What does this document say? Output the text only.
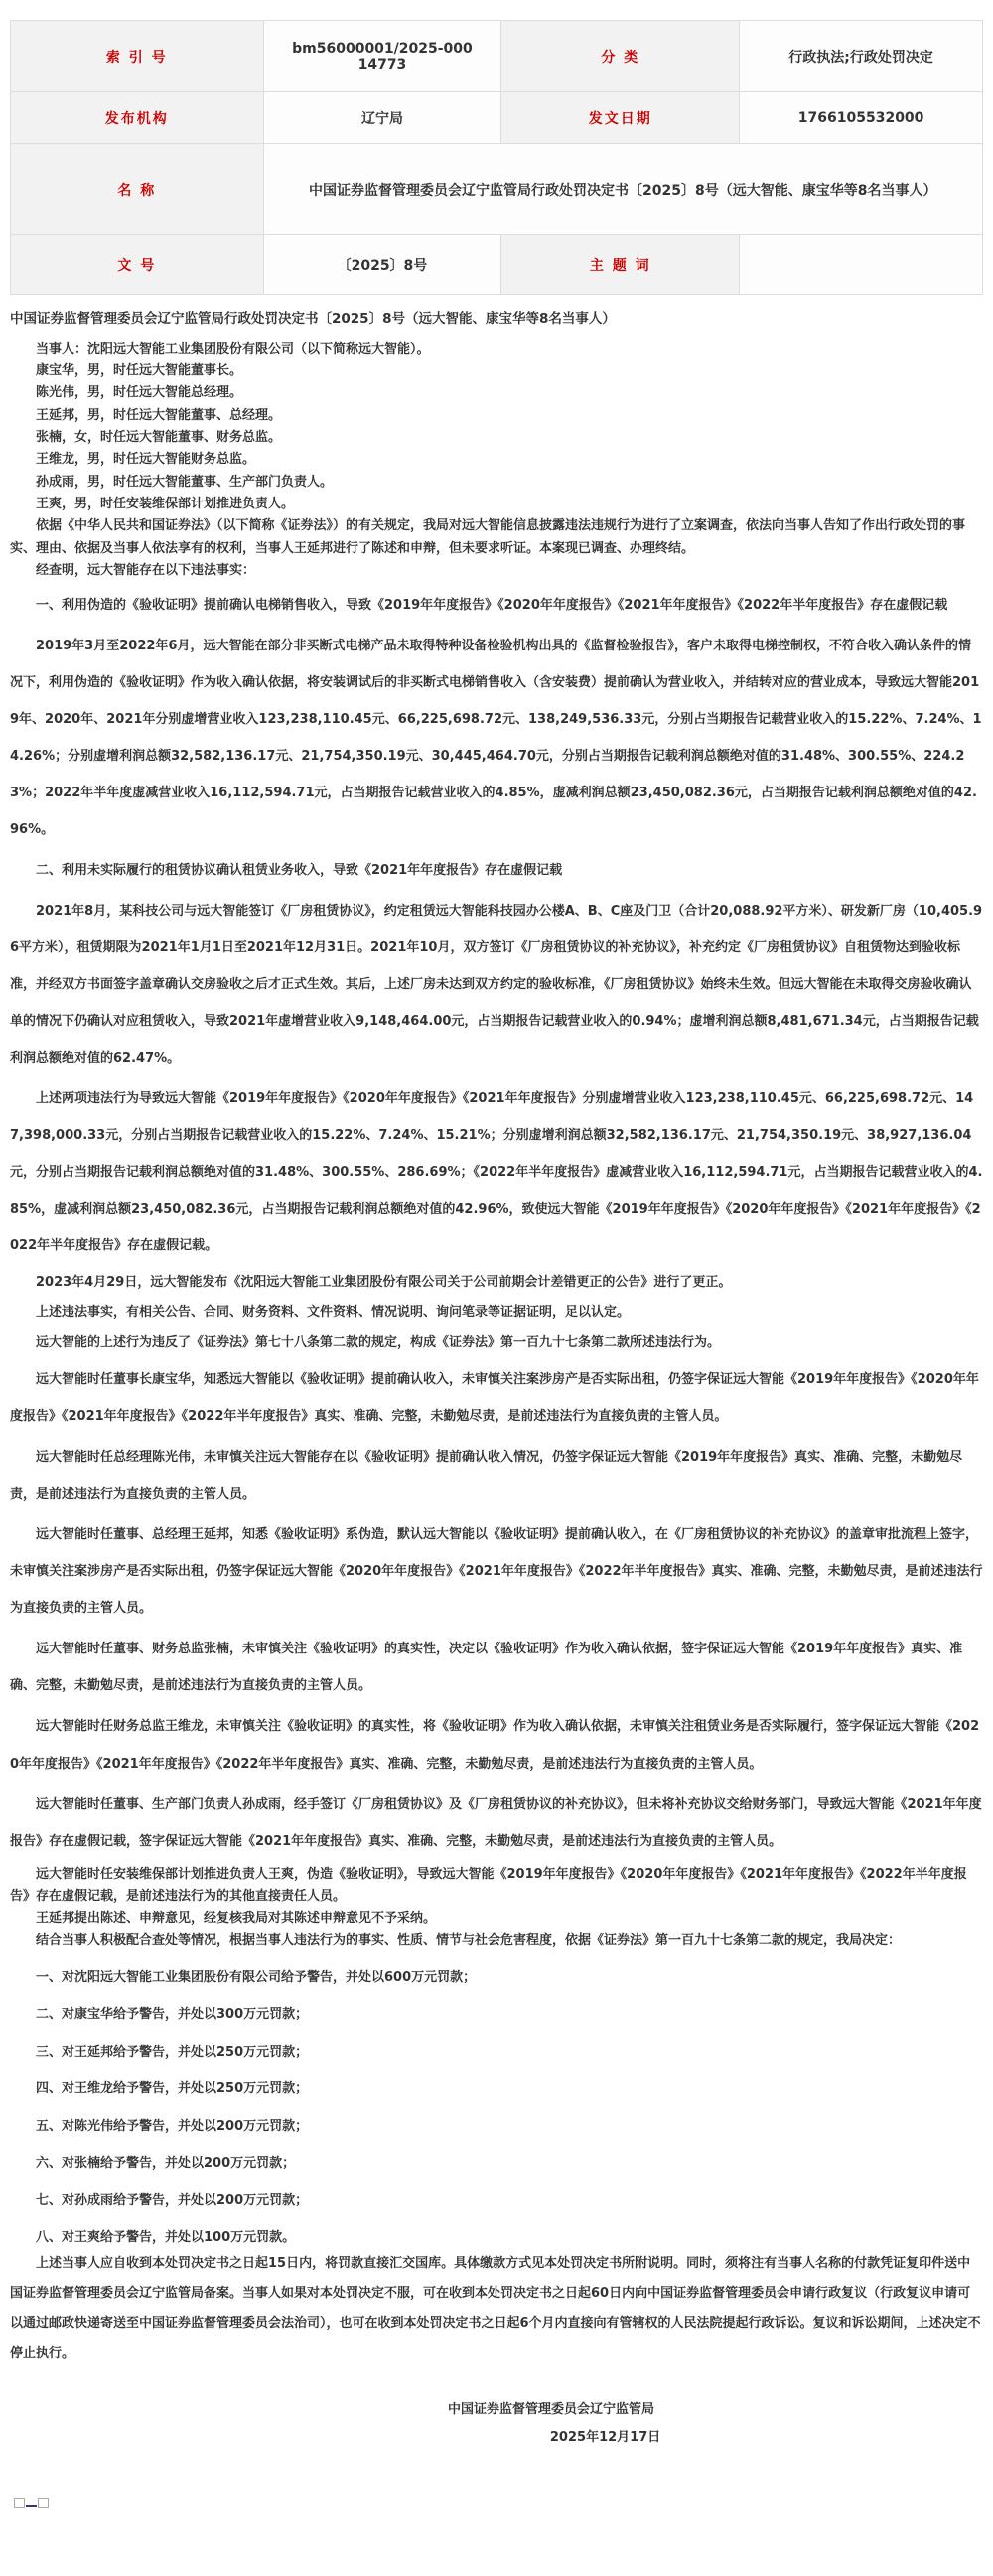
索 引 号	bm56000001/2025-00014773	分 类	行政执法;行政处罚决定
发布机构	辽宁局	发文日期	1766105532000
名 称	中国证券监督管理委员会辽宁监管局行政处罚决定书〔2025〕8号（远大智能、康宝华等8名当事人）		
文 号	〔2025〕8号	主 题 词	
中国证券监督管理委员会辽宁监管局行政处罚决定书〔2025〕8号（远大智能、康宝华等8名当事人）

当事人：沈阳远大智能工业集团股份有限公司（以下简称远大智能）。

康宝华，男，时任远大智能董事长。

陈光伟，男，时任远大智能总经理。

王延邦，男，时任远大智能董事、总经理。

张楠，女，时任远大智能董事、财务总监。

王维龙，男，时任远大智能财务总监。

孙成雨，男，时任远大智能董事、生产部门负责人。

王爽，男，时任安装维保部计划推进负责人。

依据《中华人民共和国证券法》（以下简称《证券法》）的有关规定，我局对远大智能信息披露违法违规行为进行了立案调查，依法向当事人告知了作出行政处罚的事实、理由、依据及当事人依法享有的权利，当事人王延邦进行了陈述和申辩，但未要求听证。本案现已调查、办理终结。

经查明，远大智能存在以下违法事实：

一、利用伪造的《验收证明》提前确认电梯销售收入，导致《2019年年度报告》《2020年年度报告》《2021年年度报告》《2022年半年度报告》存在虚假记载

2019年3月至2022年6月，远大智能在部分非买断式电梯产品未取得特种设备检验机构出具的《监督检验报告》，客户未取得电梯控制权，不符合收入确认条件的情况下，利用伪造的《验收证明》作为收入确认依据，将安装调试后的非买断式电梯销售收入（含安装费）提前确认为营业收入，并结转对应的营业成本，导致远大智能2019年、2020年、2021年分别虚增营业收入123,238,110.45元、66,225,698.72元、138,249,536.33元，分别占当期报告记载营业收入的15.22%、7.24%、14.26%；分别虚增利润总额32,582,136.17元、21,754,350.19元、30,445,464.70元，分别占当期报告记载利润总额绝对值的31.48%、300.55%、224.23%；2022年半年度虚减营业收入16,112,594.71元，占当期报告记载营业收入的4.85%，虚减利润总额23,450,082.36元，占当期报告记载利润总额绝对值的42.96%。

二、利用未实际履行的租赁协议确认租赁业务收入，导致《2021年年度报告》存在虚假记载

2021年8月，某科技公司与远大智能签订《厂房租赁协议》，约定租赁远大智能科技园办公楼A、B、C座及门卫（合计20,088.92平方米）、研发新厂房（10,405.96平方米），租赁期限为2021年1月1日至2021年12月31日。2021年10月，双方签订《厂房租赁协议的补充协议》，补充约定《厂房租赁协议》自租赁物达到验收标准，并经双方书面签字盖章确认交房验收之后才正式生效。其后，上述厂房未达到双方约定的验收标准，《厂房租赁协议》始终未生效。但远大智能在未取得交房验收确认单的情况下仍确认对应租赁收入，导致2021年虚增营业收入9,148,464.00元，占当期报告记载营业收入的0.94%；虚增利润总额8,481,671.34元，占当期报告记载利润总额绝对值的62.47%。

上述两项违法行为导致远大智能《2019年年度报告》《2020年年度报告》《2021年年度报告》分别虚增营业收入123,238,110.45元、66,225,698.72元、147,398,000.33元，分别占当期报告记载营业收入的15.22%、7.24%、15.21%；分别虚增利润总额32,582,136.17元、21,754,350.19元、38,927,136.04元，分别占当期报告记载利润总额绝对值的31.48%、300.55%、286.69%；《2022年半年度报告》虚减营业收入16,112,594.71元，占当期报告记载营业收入的4.85%，虚减利润总额23,450,082.36元，占当期报告记载利润总额绝对值的42.96%，致使远大智能《2019年年度报告》《2020年年度报告》《2021年年度报告》《2022年半年度报告》存在虚假记载。

2023年4月29日，远大智能发布《沈阳远大智能工业集团股份有限公司关于公司前期会计差错更正的公告》进行了更正。

上述违法事实，有相关公告、合同、财务资料、文件资料、情况说明、询问笔录等证据证明，足以认定。

远大智能的上述行为违反了《证券法》第七十八条第二款的规定，构成《证券法》第一百九十七条第二款所述违法行为。

远大智能时任董事长康宝华，知悉远大智能以《验收证明》提前确认收入，未审慎关注案涉房产是否实际出租，仍签字保证远大智能《2019年年度报告》《2020年年度报告》《2021年年度报告》《2022年半年度报告》真实、准确、完整，未勤勉尽责，是前述违法行为直接负责的主管人员。

远大智能时任总经理陈光伟，未审慎关注远大智能存在以《验收证明》提前确认收入情况，仍签字保证远大智能《2019年年度报告》真实、准确、完整，未勤勉尽责，是前述违法行为直接负责的主管人员。

远大智能时任董事、总经理王延邦，知悉《验收证明》系伪造，默认远大智能以《验收证明》提前确认收入，在《厂房租赁协议的补充协议》的盖章审批流程上签字，未审慎关注案涉房产是否实际出租，仍签字保证远大智能《2020年年度报告》《2021年年度报告》《2022年半年度报告》真实、准确、完整，未勤勉尽责，是前述违法行为直接负责的主管人员。

远大智能时任董事、财务总监张楠，未审慎关注《验收证明》的真实性，决定以《验收证明》作为收入确认依据，签字保证远大智能《2019年年度报告》真实、准确、完整，未勤勉尽责，是前述违法行为直接负责的主管人员。

远大智能时任财务总监王维龙，未审慎关注《验收证明》的真实性，将《验收证明》作为收入确认依据，未审慎关注租赁业务是否实际履行，签字保证远大智能《2020年年度报告》《2021年年度报告》《2022年半年度报告》真实、准确、完整，未勤勉尽责，是前述违法行为直接负责的主管人员。

远大智能时任董事、生产部门负责人孙成雨，经手签订《厂房租赁协议》及《厂房租赁协议的补充协议》，但未将补充协议交给财务部门，导致远大智能《2021年年度报告》存在虚假记载，签字保证远大智能《2021年年度报告》真实、准确、完整，未勤勉尽责，是前述违法行为直接负责的主管人员。

远大智能时任安装维保部计划推进负责人王爽，伪造《验收证明》，导致远大智能《2019年年度报告》《2020年年度报告》《2021年年度报告》《2022年半年度报告》存在虚假记载，是前述违法行为的其他直接责任人员。

王延邦提出陈述、申辩意见，经复核我局对其陈述申辩意见不予采纳。

结合当事人积极配合查处等情况，根据当事人违法行为的事实、性质、情节与社会危害程度，依据《证券法》第一百九十七条第二款的规定，我局决定：

一、对沈阳远大智能工业集团股份有限公司给予警告，并处以600万元罚款；

二、对康宝华给予警告，并处以300万元罚款；

三、对王延邦给予警告，并处以250万元罚款；

四、对王维龙给予警告，并处以250万元罚款；

五、对陈光伟给予警告，并处以200万元罚款；

六、对张楠给予警告，并处以200万元罚款；

七、对孙成雨给予警告，并处以200万元罚款；

八、对王爽给予警告，并处以100万元罚款。

上述当事人应自收到本处罚决定书之日起15日内，将罚款直接汇交国库。具体缴款方式见本处罚决定书所附说明。同时，须将注有当事人名称的付款凭证复印件送中国证券监督管理委员会辽宁监管局备案。当事人如果对本处罚决定不服，可在收到本处罚决定书之日起60日内向中国证券监督管理委员会申请行政复议（行政复议申请可以通过邮政快递寄送至中国证券监督管理委员会法治司），也可在收到本处罚决定书之日起6个月内直接向有管辖权的人民法院提起行政诉讼。复议和诉讼期间，上述决定不停止执行。

中国证券监督管理委员会辽宁监管局
2025年12月17日
